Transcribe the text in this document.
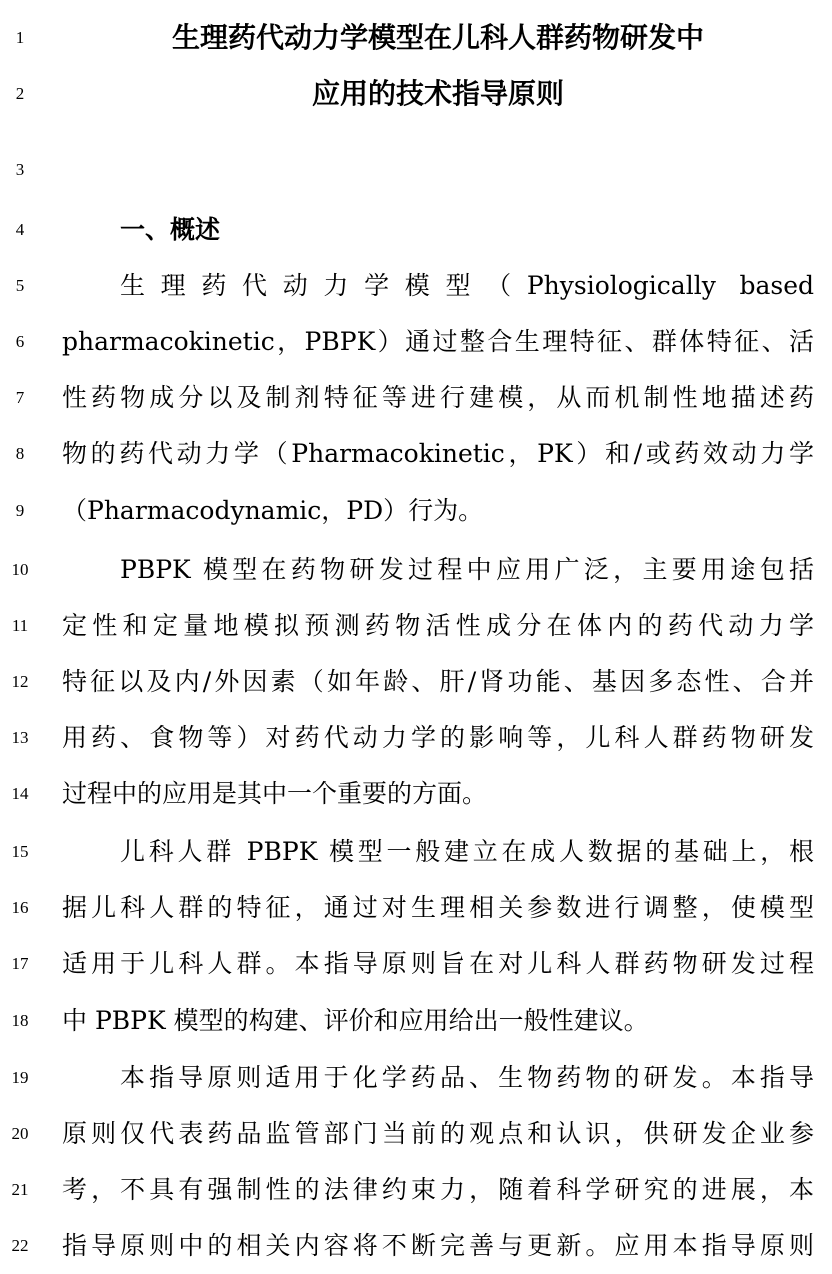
1	生理药代动力学模型在儿科人群药物研发中
2	应用的技术指导原则
3
4	一、概述
5	生理药代动力学模型（Physiologically based
6	pharmacokinetic，PBPK）通过整合生理特征、群体特征、活
7	性药物成分以及制剂特征等进行建模，从而机制性地描述药
8	物的药代动力学（Pharmacokinetic，PK）和/或药效动力学
9	（Pharmacodynamic，PD）行为。
10	PBPK 模型在药物研发过程中应用广泛，主要用途包括
11	定性和定量地模拟预测药物活性成分在体内的药代动力学
12	特征以及内/外因素（如年龄、肝/肾功能、基因多态性、合并
13	用药、食物等）对药代动力学的影响等，儿科人群药物研发
14	过程中的应用是其中一个重要的方面。
15	儿科人群 PBPK 模型一般建立在成人数据的基础上，根
16	据儿科人群的特征，通过对生理相关参数进行调整，使模型
17	适用于儿科人群。本指导原则旨在对儿科人群药物研发过程
18	中 PBPK 模型的构建、评价和应用给出一般性建议。
19	本指导原则适用于化学药品、生物药物的研发。本指导
20	原则仅代表药品监管部门当前的观点和认识，供研发企业参
21	考，不具有强制性的法律约束力，随着科学研究的进展，本
22	指导原则中的相关内容将不断完善与更新。应用本指导原则
